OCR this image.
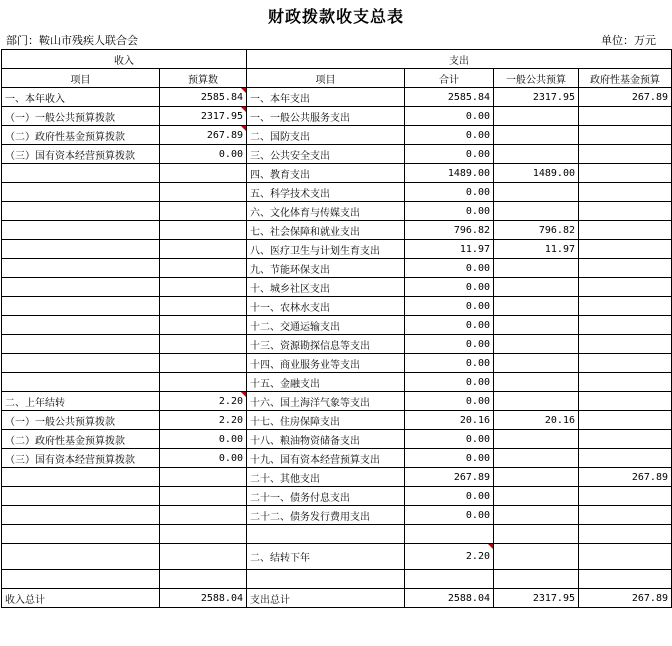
财政拨款收支总表
部门：鞍山市残疾人联合会	单位：万元
收入		支出			
项目	预算数	项目	合计	一般公共预算	政府性基金预算
一、本年收入	2585.84	一、本年支出	2585.84	2317.95	267.89
（一）一般公共预算拨款	2317.95	一、一般公共服务支出	0.00		
（二）政府性基金预算拨款	267.89	二、国防支出	0.00		
（三）国有资本经营预算拨款	0.00	三、公共安全支出	0.00		
		四、教育支出	1489.00	1489.00	
		五、科学技术支出	0.00		
		六、文化体育与传媒支出	0.00		
		七、社会保障和就业支出	796.82	796.82	
		八、医疗卫生与计划生育支出	11.97	11.97	
		九、节能环保支出	0.00		
		十、城乡社区支出	0.00		
		十一、农林水支出	0.00		
		十二、交通运输支出	0.00		
		十三、资源勘探信息等支出	0.00		
		十四、商业服务业等支出	0.00		
		十五、金融支出	0.00		
二、上年结转	2.20	十六、国土海洋气象等支出	0.00		
（一）一般公共预算拨款	2.20	十七、住房保障支出	20.16	20.16	
（二）政府性基金预算拨款	0.00	十八、粮油物资储备支出	0.00		
（三）国有资本经营预算拨款	0.00	十九、国有资本经营预算支出	0.00		
		二十、其他支出	267.89		267.89
		二十一、债务付息支出	0.00		
		二十二、债务发行费用支出	0.00		

		二、结转下年	2.20		

收入总计	2588.04	支出总计	2588.04	2317.95	267.89
